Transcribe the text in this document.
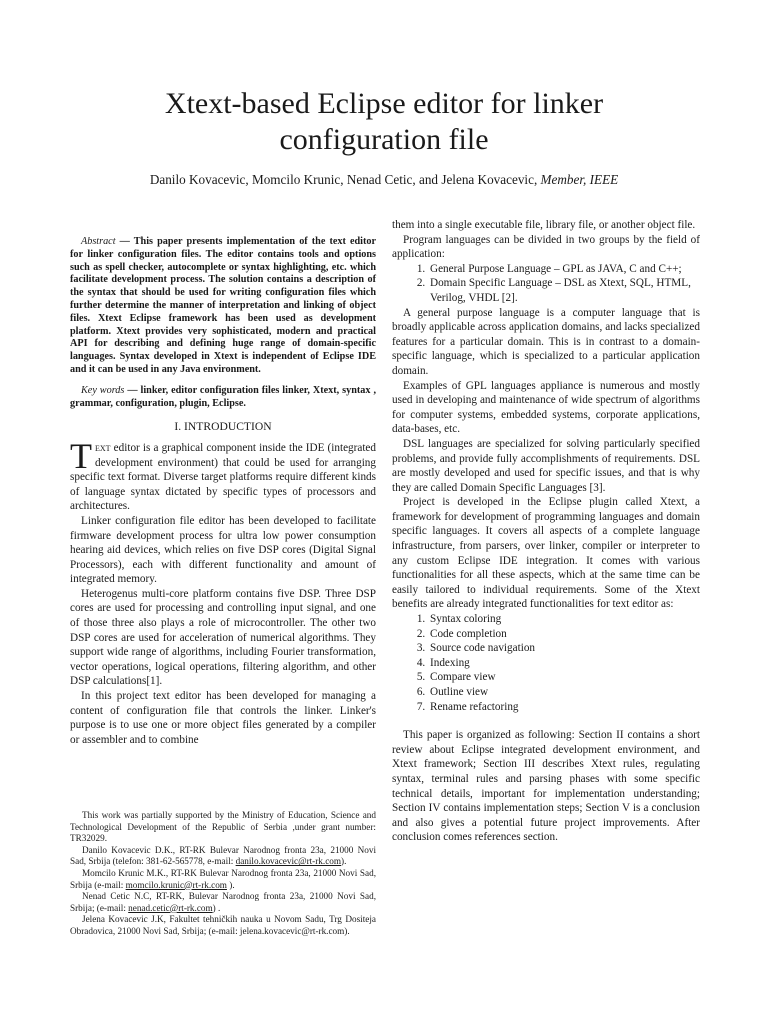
Xtext-based Eclipse editor for linker
configuration file

Danilo Kovacevic, Momcilo Krunic, Nenad Cetic, and Jelena Kovacevic, Member, IEEE

Abstract — This paper presents implementation of the text editor for linker configuration files. The editor contains tools and options such as spell checker, autocomplete or syntax highlighting, etc. which facilitate development process. The solution contains a description of the syntax that should be used for writing configuration files which further determine the manner of interpretation and linking of object files. Xtext Eclipse framework has been used as development platform. Xtext provides very sophisticated, modern and practical API for describing and defining huge range of domain-specific languages. Syntax developed in Xtext is independent of Eclipse IDE and it can be used in any Java environment.

Key words — linker, editor configuration files linker, Xtext, syntax , grammar, configuration, plugin, Eclipse.

I. INTRODUCTION

Text editor is a graphical component inside the IDE (integrated development environment) that could be used for arranging specific text format. Diverse target platforms require different kinds of language syntax dictated by specific types of processors and architectures.

Linker configuration file editor has been developed to facilitate firmware development process for ultra low power consumption hearing aid devices, which relies on five DSP cores (Digital Signal Processors), each with different functionality and amount of integrated memory.

Heterogenus multi-core platform contains five DSP. Three DSP cores are used for processing and controlling input signal, and one of those three also plays a role of microcontroller. The other two DSP cores are used for acceleration of numerical algorithms. They support wide range of algorithms, including Fourier transformation, vector operations, logical operations, filtering algorithm, and other DSP calculations[1].

In this project text editor has been developed for managing a content of configuration file that controls the linker. Linker's purpose is to use one or more object files generated by a compiler or assembler and to combine

This work was partially supported by the Ministry of Education, Science and Technological Development of the Republic of Serbia ,under grant number: TR32029.

Danilo Kovacevic D.K., RT-RK Bulevar Narodnog fronta 23a, 21000 Novi Sad, Srbija (telefon: 381-62-565778, e-mail: danilo.kovacevic@rt-rk.com).

Momcilo Krunic M.K., RT-RK Bulevar Narodnog fronta 23a, 21000 Novi Sad, Srbija (e-mail: momcilo.krunic@rt-rk.com ).

Nenad Cetic N.C, RT-RK, Bulevar Narodnog fronta 23a, 21000 Novi Sad, Srbija; (e-mail: nenad.cetic@rt-rk.com) .

Jelena Kovacevic J.K, Fakultet tehničkih nauka u Novom Sadu, Trg Dositeja Obradovica, 21000 Novi Sad, Srbija; (e-mail: jelena.kovacevic@rt-rk.com).

them into a single executable file, library file, or another object file.

Program languages can be divided in two groups by the field of application:

1. General Purpose Language – GPL as JAVA, C and C++;
2. Domain Specific Language – DSL as Xtext, SQL, HTML, Verilog, VHDL [2].

A general purpose language is a computer language that is broadly applicable across application domains, and lacks specialized features for a particular domain. This is in contrast to a domain-specific language, which is specialized to a particular application domain.

Examples of GPL languages appliance is numerous and mostly used in developing and maintenance of wide spectrum of algorithms for computer systems, embedded systems, corporate applications, data-bases, etc.

DSL languages are specialized for solving particularly specified problems, and provide fully accomplishments of requirements. DSL are mostly developed and used for specific issues, and that is why they are called Domain Specific Languages [3].

Project is developed in the Eclipse plugin called Xtext, a framework for development of programming languages and domain specific languages. It covers all aspects of a complete language infrastructure, from parsers, over linker, compiler or interpreter to any custom Eclipse IDE integration. It comes with various functionalities for all these aspects, which at the same time can be easily tailored to individual requirements. Some of the Xtext benefits are already integrated functionalities for text editor as:

1. Syntax coloring
2. Code completion
3. Source code navigation
4. Indexing
5. Compare view
6. Outline view
7. Rename refactoring

This paper is organized as following: Section II contains a short review about Eclipse integrated development environment, and Xtext framework; Section III describes Xtext rules, regulating syntax, terminal rules and parsing phases with some specific technical details, important for implementation understanding; Section IV contains implementation steps; Section V is a conclusion and also gives a potential future project improvements. After conclusion comes references section.
